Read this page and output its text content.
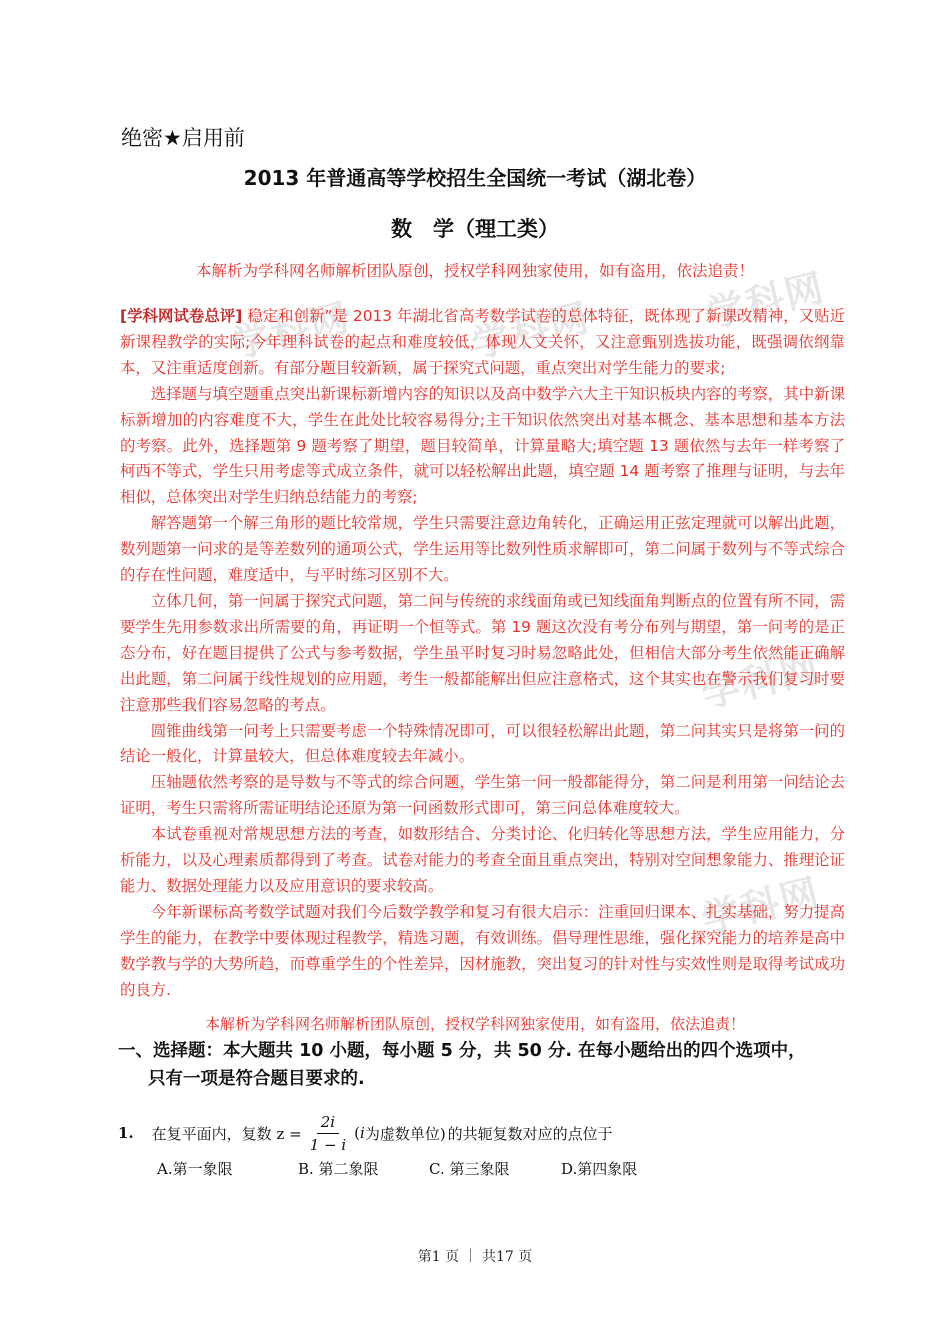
学科网	学科网	学科网
学科网
学科网
绝密★启用前
2013 年普通高等学校招生全国统一考试（湖北卷）
数　学（理工类）
本解析为学科网名师解析团队原创，授权学科网独家使用，如有盗用，依法追责！

[学科网试卷总评] 稳定和创新”是 2013 年湖北省高考数学试卷的总体特征，既体现了新课改精神，又贴近新课程教学的实际;今年理科试卷的起点和难度较低，体现人文关怀，又注意甄别选拔功能，既强调依纲靠本，又注重适度创新。有部分题目较新颖，属于探究式问题，重点突出对学生能力的要求;

选择题与填空题重点突出新课标新增内容的知识以及高中数学六大主干知识板块内容的考察，其中新课标新增加的内容难度不大，学生在此处比较容易得分;主干知识依然突出对基本概念、基本思想和基本方法的考察。此外，选择题第 9 题考察了期望，题目较简单，计算量略大;填空题 13 题依然与去年一样考察了柯西不等式，学生只用考虑等式成立条件，就可以轻松解出此题，填空题 14 题考察了推理与证明，与去年相似，总体突出对学生归纳总结能力的考察;

解答题第一个解三角形的题比较常规，学生只需要注意边角转化，正确运用正弦定理就可以解出此题，数列题第一问求的是等差数列的通项公式，学生运用等比数列性质求解即可，第二问属于数列与不等式综合的存在性问题，难度适中，与平时练习区别不大。

立体几何，第一问属于探究式问题，第二问与传统的求线面角或已知线面角判断点的位置有所不同，需要学生先用参数求出所需要的角，再证明一个恒等式。第 19 题这次没有考分布列与期望，第一问考的是正态分布，好在题目提供了公式与参考数据，学生虽平时复习时易忽略此处，但相信大部分考生依然能正确解出此题，第二问属于线性规划的应用题，考生一般都能解出但应注意格式，这个其实也在警示我们复习时要注意那些我们容易忽略的考点。

圆锥曲线第一问考上只需要考虑一个特殊情况即可，可以很轻松解出此题，第二问其实只是将第一问的结论一般化，计算量较大，但总体难度较去年减小。

压轴题依然考察的是导数与不等式的综合问题，学生第一问一般都能得分，第二问是利用第一问结论去证明，考生只需将所需证明结论还原为第一问函数形式即可，第三问总体难度较大。

本试卷重视对常规思想方法的考查，如数形结合、分类讨论、化归转化等思想方法，学生应用能力，分析能力，以及心理素质都得到了考查。试卷对能力的考查全面且重点突出，特别对空间想象能力、推理论证能力、数据处理能力以及应用意识的要求较高。

今年新课标高考数学试题对我们今后数学教学和复习有很大启示：注重回归课本、扎实基础，努力提高学生的能力，在教学中要体现过程教学，精选习题，有效训练。倡导理性思维，强化探究能力的培养是高中数学教与学的大势所趋，而尊重学生的个性差异，因材施教，突出复习的针对性与实效性则是取得考试成功的良方.

本解析为学科网名师解析团队原创，授权学科网独家使用，如有盗用，依法追责！
一、选择题：本大题共 10 小题，每小题 5 分，共 50 分. 在每小题给出的四个选项中，
只有一项是符合题目要求的.
1. 在复平面内，复数 $z = \frac{2i}{1 - i}$ ( i 为虚数单位) 的共轭复数对应的点位于
A.第一象限	B. 第二象限	C. 第三象限	D.第四象限
第1 页 ｜ 共17 页
